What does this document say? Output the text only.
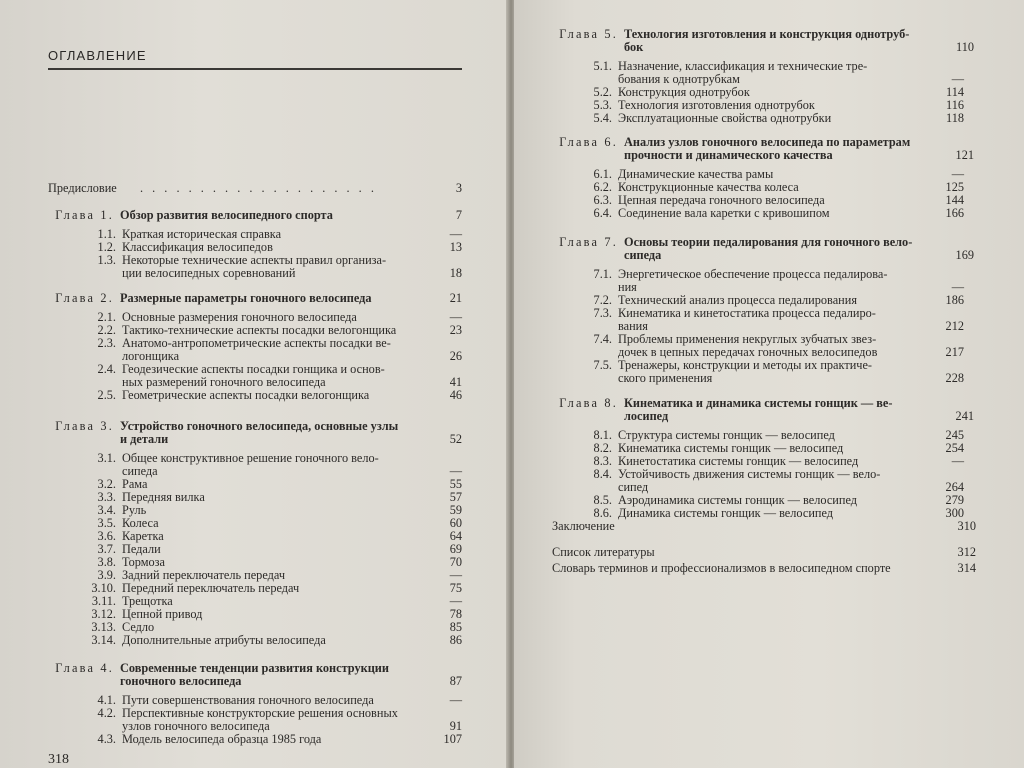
ОГЛАВЛЕНИЕ
Предисловие . . . . . . . . . . . . . . . . . . . .	3
Глава 1. Обзор развития велосипедного спорта	7
1.1. Краткая историческая справка	—
1.2. Классификация велосипедов	13
1.3. Некоторые технические аспекты правил организа-
ции велосипедных соревнований	18
Глава 2. Размерные параметры гоночного велосипеда	21
2.1. Основные размерения гоночного велосипеда	—
2.2. Тактико-технические аспекты посадки велогонщика	23
2.3. Анатомо-антропометрические аспекты посадки ве-
логонщика	26
2.4. Геодезические аспекты посадки гонщика и основ-
ных размерений гоночного велосипеда	41
2.5. Геометрические аспекты посадки велогонщика	46
Глава 3. Устройство гоночного велосипеда, основные узлы
и детали	52
3.1. Общее конструктивное решение гоночного вело-
сипеда	—
3.2. Рама	55
3.3. Передняя вилка	57
3.4. Руль	59
3.5. Колеса	60
3.6. Каретка	64
3.7. Педали	69
3.8. Тормоза	70
3.9. Задний переключатель передач	—
3.10. Передний переключатель передач	75
3.11. Трещотка	—
3.12. Цепной привод	78
3.13. Седло	85
3.14. Дополнительные атрибуты велосипеда	86
Глава 4. Современные тенденции развития конструкции
гоночного велосипеда	87
4.1. Пути совершенствования гоночного велосипеда	—
4.2. Перспективные конструкторские решения основных
узлов гоночного велосипеда	91
4.3. Модель велосипеда образца 1985 года	107
318
Глава 5. Технология изготовления и конструкция однотруб-
бок	110
5.1. Назначение, классификация и технические тре-
бования к однотрубкам	—
5.2. Конструкция однотрубок	114
5.3. Технология изготовления однотрубок	116
5.4. Эксплуатационные свойства однотрубки	118
Глава 6. Анализ узлов гоночного велосипеда по параметрам
прочности и динамического качества	121
6.1. Динамические качества рамы	—
6.2. Конструкционные качества колеса	125
6.3. Цепная передача гоночного велосипеда	144
6.4. Соединение вала каретки с кривошипом	166
Глава 7. Основы теории педалирования для гоночного вело-
сипеда	169
7.1. Энергетическое обеспечение процесса педалирова-
ния	—
7.2. Технический анализ процесса педалирования	186
7.3. Кинематика и кинетостатика процесса педалиро-
вания	212
7.4. Проблемы применения некруглых зубчатых звез-
дочек в цепных передачах гоночных велосипедов	217
7.5. Тренажеры, конструкции и методы их практиче-
ского применения	228
Глава 8. Кинематика и динамика системы гонщик — ве-
лосипед	241
8.1. Структура системы гонщик — велосипед	245
8.2. Кинематика системы гонщик — велосипед	254
8.3. Кинетостатика системы гонщик — велосипед	—
8.4. Устойчивость движения системы гонщик — вело-
сипед	264
8.5. Аэродинамика системы гонщик — велосипед	279
8.6. Динамика системы гонщик — велосипед	300
Заключение	310
Список литературы	312
Словарь терминов и профессионализмов в велосипедном спорте	314
